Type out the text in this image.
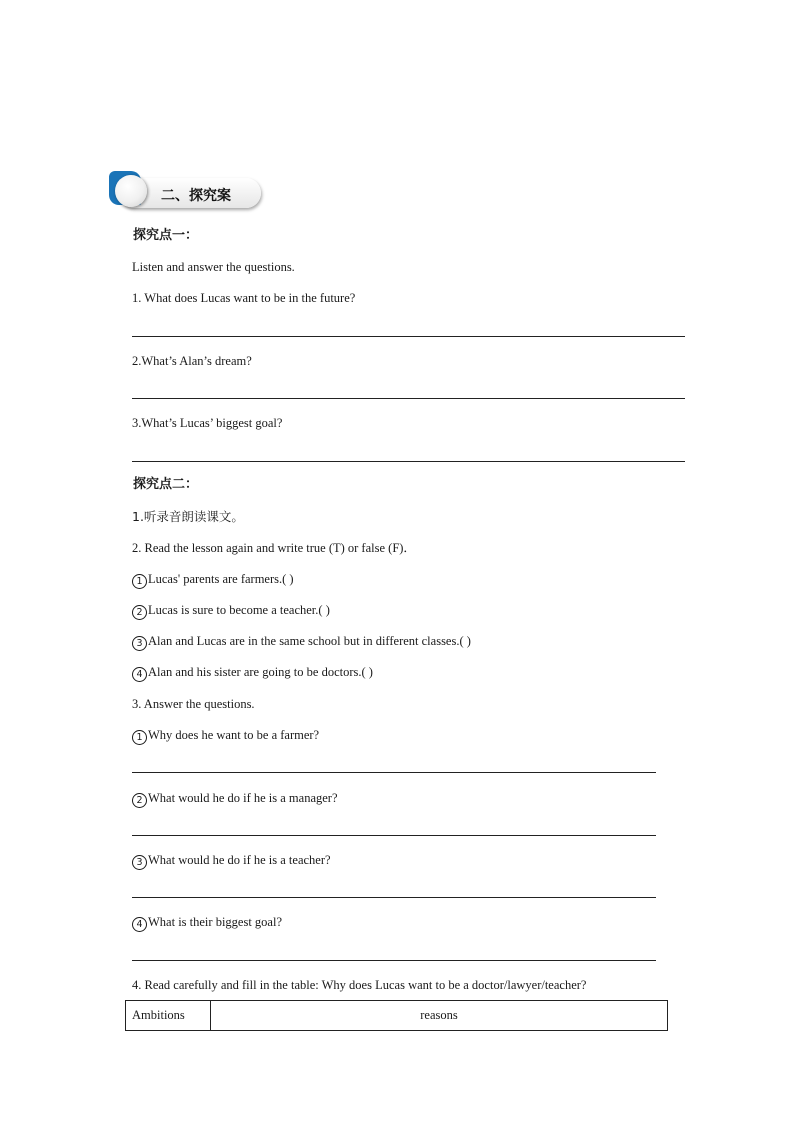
二、探究案
探究点一：
Listen and answer the questions.
1. What does Lucas want to be in the future?
2.What’s Alan’s dream?
3.What’s Lucas’ biggest goal?
探究点二：
1.听录音朗读课文。
2. Read the lesson again and write true (T) or false (F)．
1 Lucas' parents are farmers.( )
2 Lucas is sure to become a teacher.( )
3 Alan and Lucas are in the same school but in different classes.( )
4 Alan and his sister are going to be doctors.( )
3. Answer the questions.
1 Why does he want to be a farmer?
2 What would he do if he is a manager?
3 What would he do if he is a teacher?
4 What is their biggest goal?
4. Read carefully and fill in the table: Why does Lucas want to be a doctor/lawyer/teacher?
Ambitions	reasons
